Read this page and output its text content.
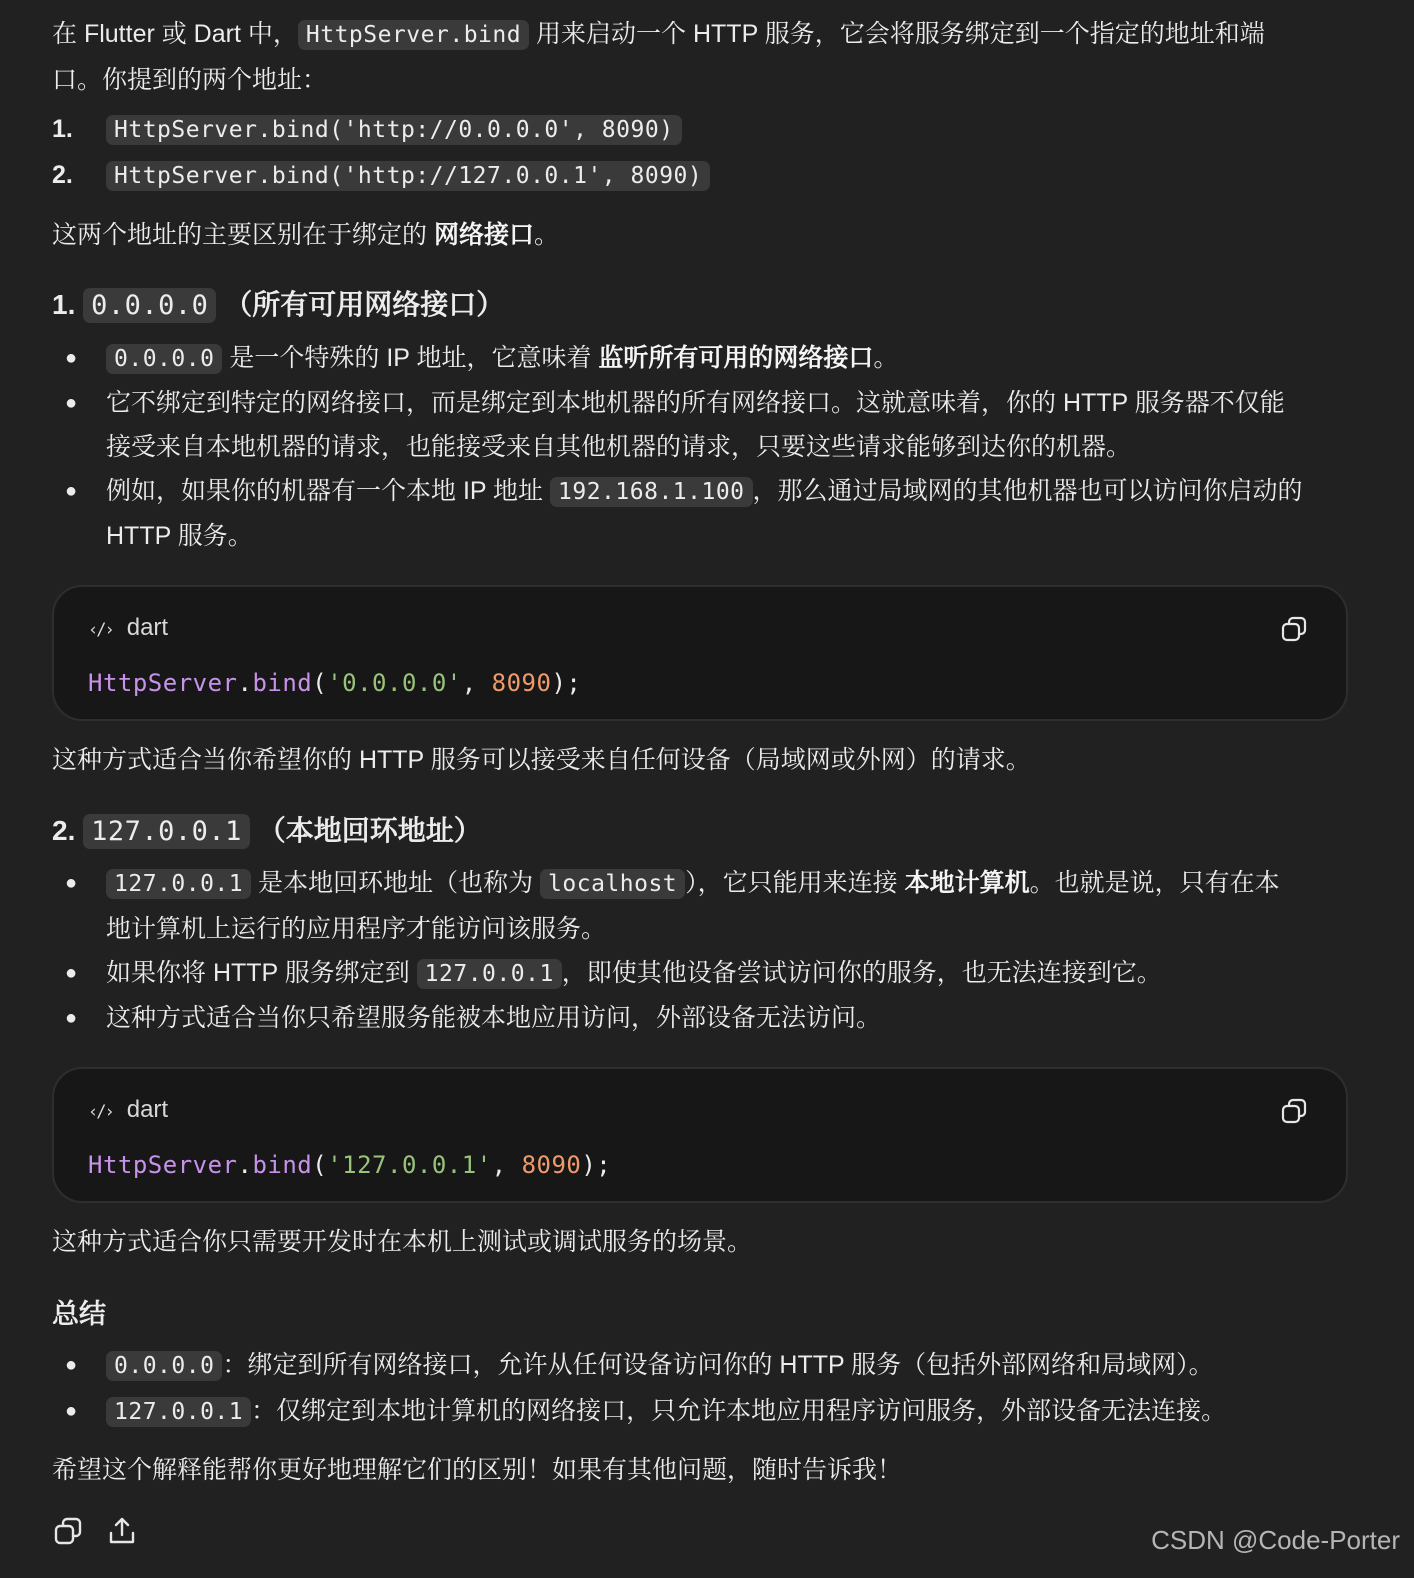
在 Flutter 或 Dart 中， HttpServer.bind 用来启动一个 HTTP 服务，它会将服务绑定到一个指定的地址和端
口。你提到的两个地址：
1. HttpServer.bind('http://0.0.0.0', 8090)
2. HttpServer.bind('http://127.0.0.1', 8090)
这两个地址的主要区别在于绑定的 网络接口。
1. 0.0.0.0 （所有可用网络接口）
●	0.0.0.0 是一个特殊的 IP 地址，它意味着 监听所有可用的网络接口。
● 它不绑定到特定的网络接口，而是绑定到本地机器的所有网络接口。这就意味着，你的 HTTP 服务器不仅能
接受来自本地机器的请求，也能接受来自其他机器的请求，只要这些请求能够到达你的机器。
● 例如，如果你的机器有一个本地 IP 地址 192.168.1.100 ，那么通过局域网的其他机器也可以访问你启动的
HTTP 服务。
‹/› dart
HttpServer.bind('0.0.0.0', 8090);
这种方式适合当你希望你的 HTTP 服务可以接受来自任何设备（局域网或外网）的请求。
2. 127.0.0.1 （本地回环地址）
●	127.0.0.1 是本地回环地址（也称为 localhost ），它只能用来连接 本地计算机。也就是说，只有在本
地计算机上运行的应用程序才能访问该服务。
● 如果你将 HTTP 服务绑定到 127.0.0.1 ，即使其他设备尝试访问你的服务，也无法连接到它。
● 这种方式适合当你只希望服务能被本地应用访问，外部设备无法访问。
‹/› dart
HttpServer.bind('127.0.0.1', 8090);
这种方式适合你只需要开发时在本机上测试或调试服务的场景。
总结
●	0.0.0.0 ：绑定到所有网络接口，允许从任何设备访问你的 HTTP 服务（包括外部网络和局域网）。
●	127.0.0.1 ：仅绑定到本地计算机的网络接口，只允许本地应用程序访问服务，外部设备无法连接。
希望这个解释能帮你更好地理解它们的区别！如果有其他问题，随时告诉我！
CSDN @Code-Porter
